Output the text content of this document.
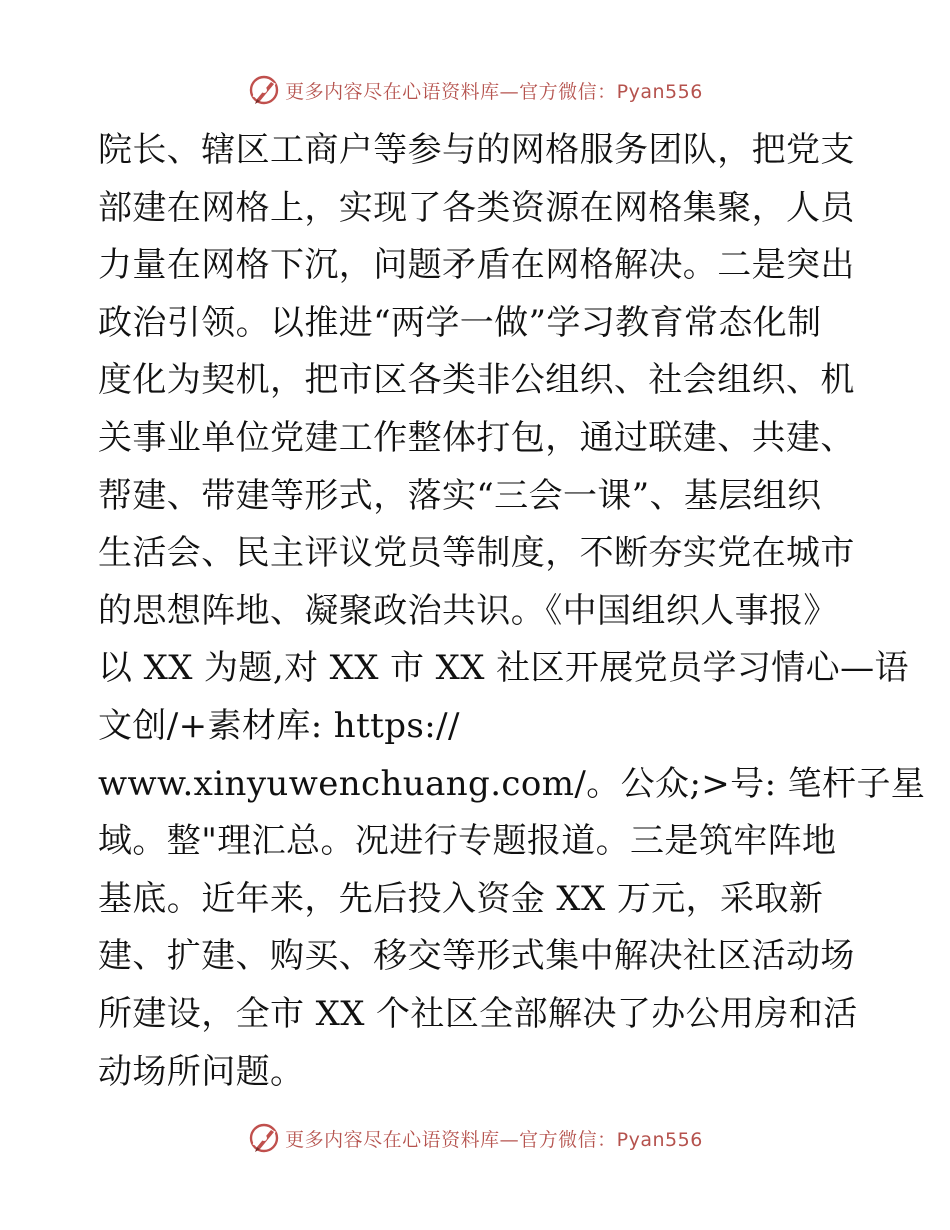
更多内容尽在心语资料库—官方微信：Pyan556
院长、辖区工商户等参与的网格服务团队，把党支
部建在网格上，实现了各类资源在网格集聚，人员
力量在网格下沉，问题矛盾在网格解决。二是突出
政治引领。以推进“两学一做”学习教育常态化制
度化为契机，把市区各类非公组织、社会组织、机
关事业单位党建工作整体打包，通过联建、共建、
帮建、带建等形式，落实“三会一课”、基层组织
生活会、民主评议党员等制度，不断夯实党在城市
的思想阵地、凝聚政治共识。《中国组织人事报》
以 XX 为题,对 XX 市 XX 社区开展党员学习情心—语
文创/+素材库: https://
www.xinyuwenchuang.com/。公众;>号: 笔杆子星
域。整"理汇总。况进行专题报道。三是筑牢阵地
基底。近年来，先后投入资金 XX 万元，采取新
建、扩建、购买、移交等形式集中解决社区活动场
所建设，全市 XX 个社区全部解决了办公用房和活
动场所问题。
更多内容尽在心语资料库—官方微信：Pyan556
